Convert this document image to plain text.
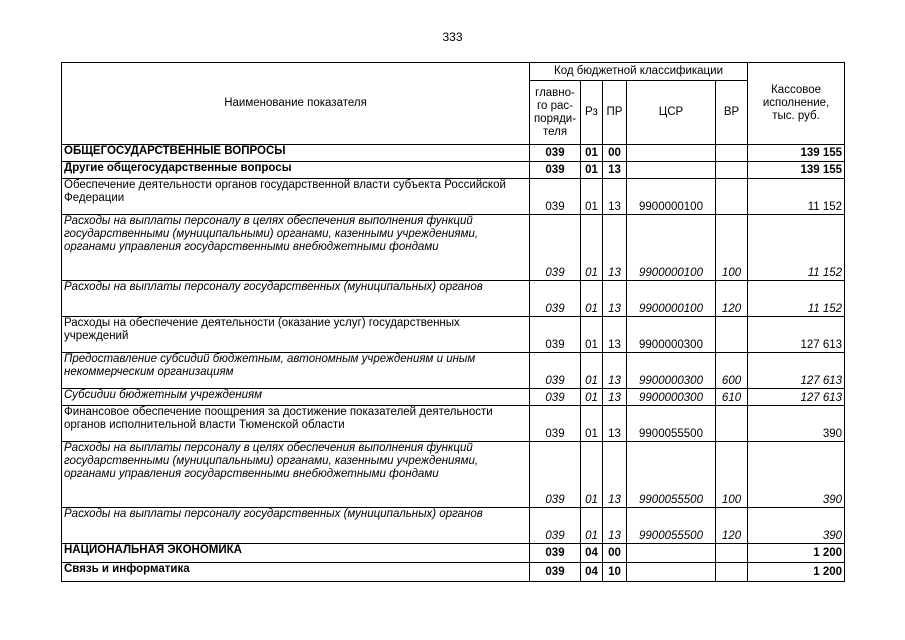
333
Наименование показателя	Код бюджетной классификации					Кассовое
исполнение,
тыс. руб.
	главно-
го рас-
поряди-
теля	Рз	ПР	ЦСР	ВР	
ОБЩЕГОСУДАРСТВЕННЫЕ ВОПРОСЫ	039	01	00			139 155
Другие общегосударственные вопросы	039	01	13			139 155
Обеспечение деятельности органов государственной власти субъекта Российской Федерации	039	01	13	9900000100		11 152
Расходы на выплаты персоналу в целях обеспечения выполнения функций государственными (муниципальными) органами, казенными учреждениями, органами управления государственными внебюджетными фондами	039	01	13	9900000100	100	11 152
Расходы на выплаты персоналу государственных (муниципальных) органов	039	01	13	9900000100	120	11 152
Расходы на обеспечение деятельности (оказание услуг) государственных учреждений	039	01	13	9900000300		127 613
Предоставление субсидий бюджетным, автономным учреждениям и иным некоммерческим организациям	039	01	13	9900000300	600	127 613
Субсидии бюджетным учреждениям	039	01	13	9900000300	610	127 613
Финансовое обеспечение поощрения за достижение показателей деятельности органов исполнительной власти Тюменской области	039	01	13	9900055500		390
Расходы на выплаты персоналу в целях обеспечения выполнения функций государственными (муниципальными) органами, казенными учреждениями, органами управления государственными внебюджетными фондами	039	01	13	9900055500	100	390
Расходы на выплаты персоналу государственных (муниципальных) органов	039	01	13	9900055500	120	390
НАЦИОНАЛЬНАЯ ЭКОНОМИКА	039	04	00			1 200
Связь и информатика	039	04	10			1 200
